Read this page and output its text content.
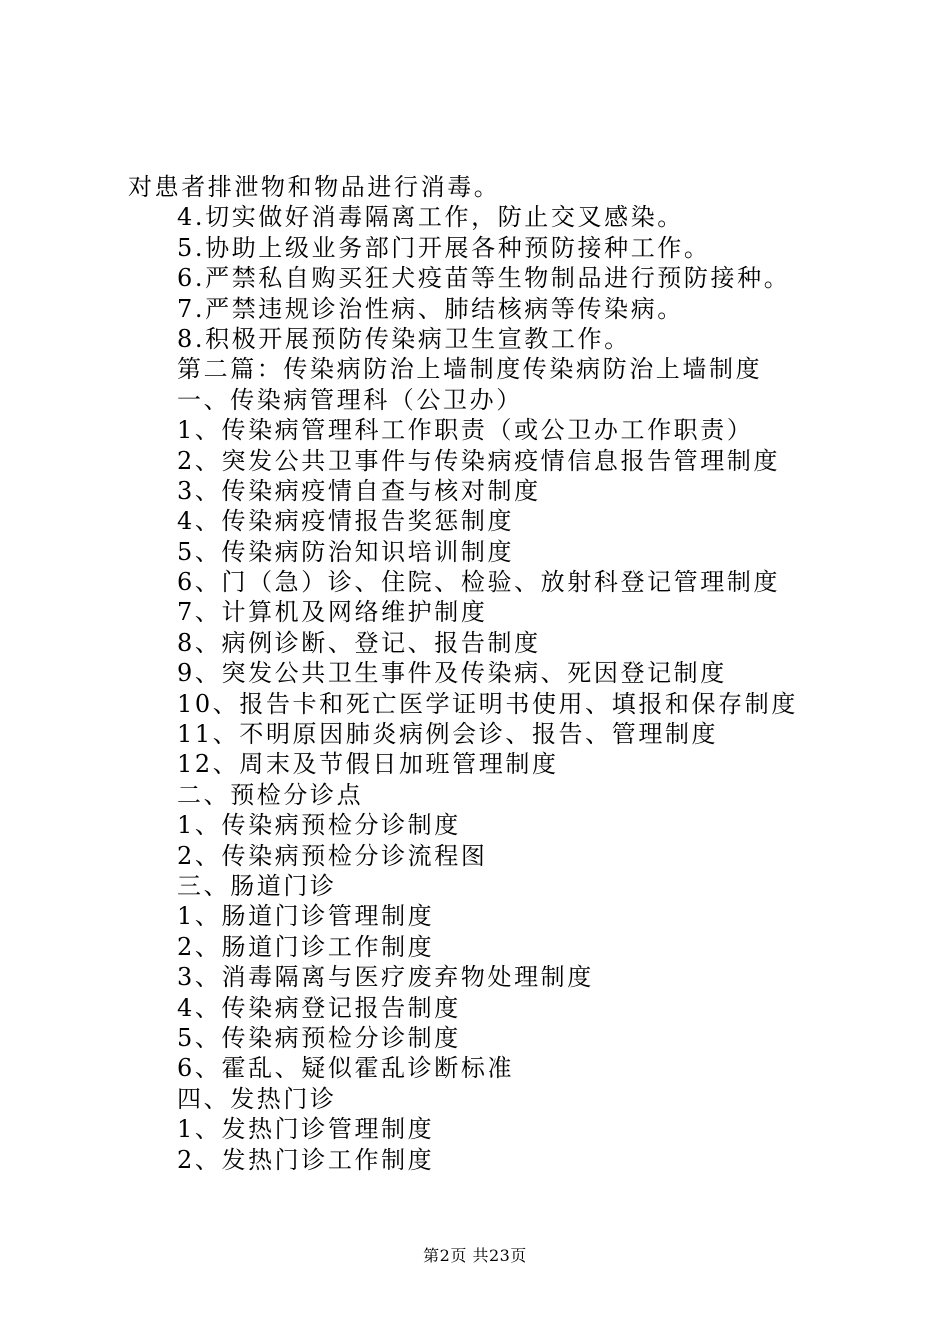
对患者排泄物和物品进行消毒。
4.切实做好消毒隔离工作，防止交叉感染。
5.协助上级业务部门开展各种预防接种工作。
6.严禁私自购买狂犬疫苗等生物制品进行预防接种。
7.严禁违规诊治性病、肺结核病等传染病。
8.积极开展预防传染病卫生宣教工作。
第二篇：传染病防治上墙制度传染病防治上墙制度
一、传染病管理科（公卫办）
1、传染病管理科工作职责（或公卫办工作职责）
2、突发公共卫事件与传染病疫情信息报告管理制度
3、传染病疫情自查与核对制度
4、传染病疫情报告奖惩制度
5、传染病防治知识培训制度
6、门（急）诊、住院、检验、放射科登记管理制度
7、计算机及网络维护制度
8、病例诊断、登记、报告制度
9、突发公共卫生事件及传染病、死因登记制度
10、报告卡和死亡医学证明书使用、填报和保存制度
11、不明原因肺炎病例会诊、报告、管理制度
12、周末及节假日加班管理制度
二、预检分诊点
1、传染病预检分诊制度
2、传染病预检分诊流程图
三、肠道门诊
1、肠道门诊管理制度
2、肠道门诊工作制度
3、消毒隔离与医疗废弃物处理制度
4、传染病登记报告制度
5、传染病预检分诊制度
6、霍乱、疑似霍乱诊断标准
四、发热门诊
1、发热门诊管理制度
2、发热门诊工作制度
第2页 共23页
